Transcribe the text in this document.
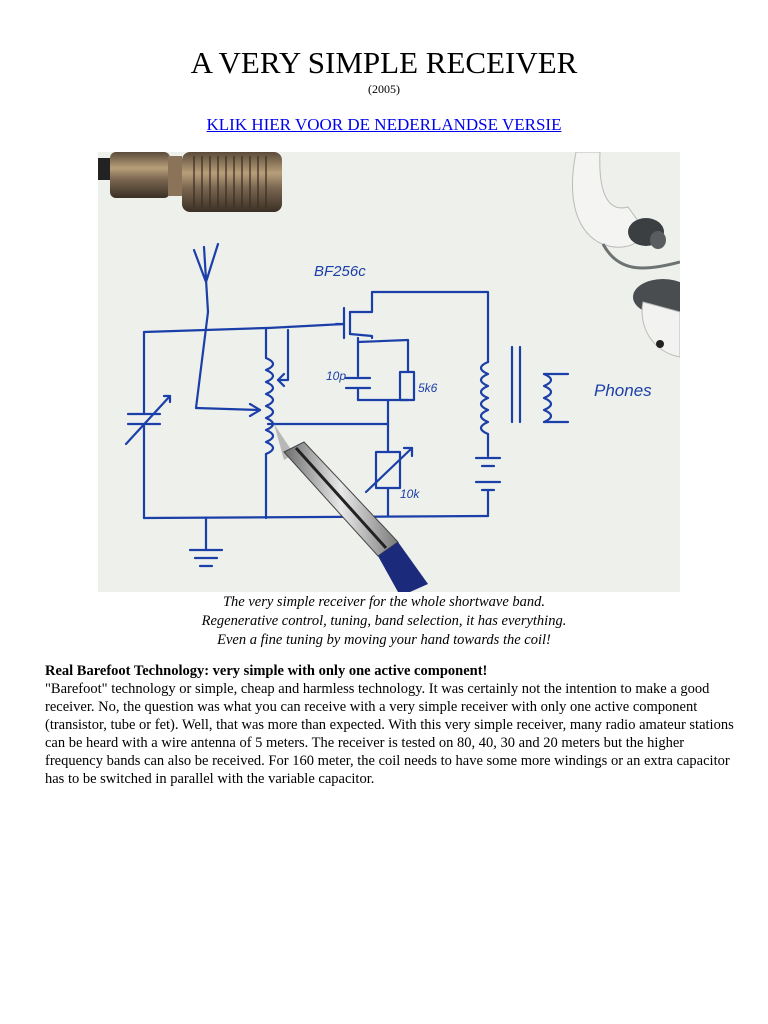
A VERY SIMPLE RECEIVER
(2005)
KLIK HIER VOOR DE NEDERLANDSE VERSIE
BF256c
10p
5k6
10k
Phones
The very simple receiver for the whole shortwave band.
Regenerative control, tuning, band selection, it has everything.
Even a fine tuning by moving your hand towards the coil!
Real Barefoot Technology: very simple with only one active component!
"Barefoot" technology or simple, cheap and harmless technology. It was certainly not the intention to make a good receiver. No, the question was what you can receive with a very simple receiver with only one active component (transistor, tube or fet). Well, that was more than expected. With this very simple receiver, many radio amateur stations can be heard with a wire antenna of 5 meters. The receiver is tested on 80, 40, 30 and 20 meters but the higher frequency bands can also be received. For 160 meter, the coil needs to have some more windings or an extra capacitor has to be switched in parallel with the variable capacitor.
